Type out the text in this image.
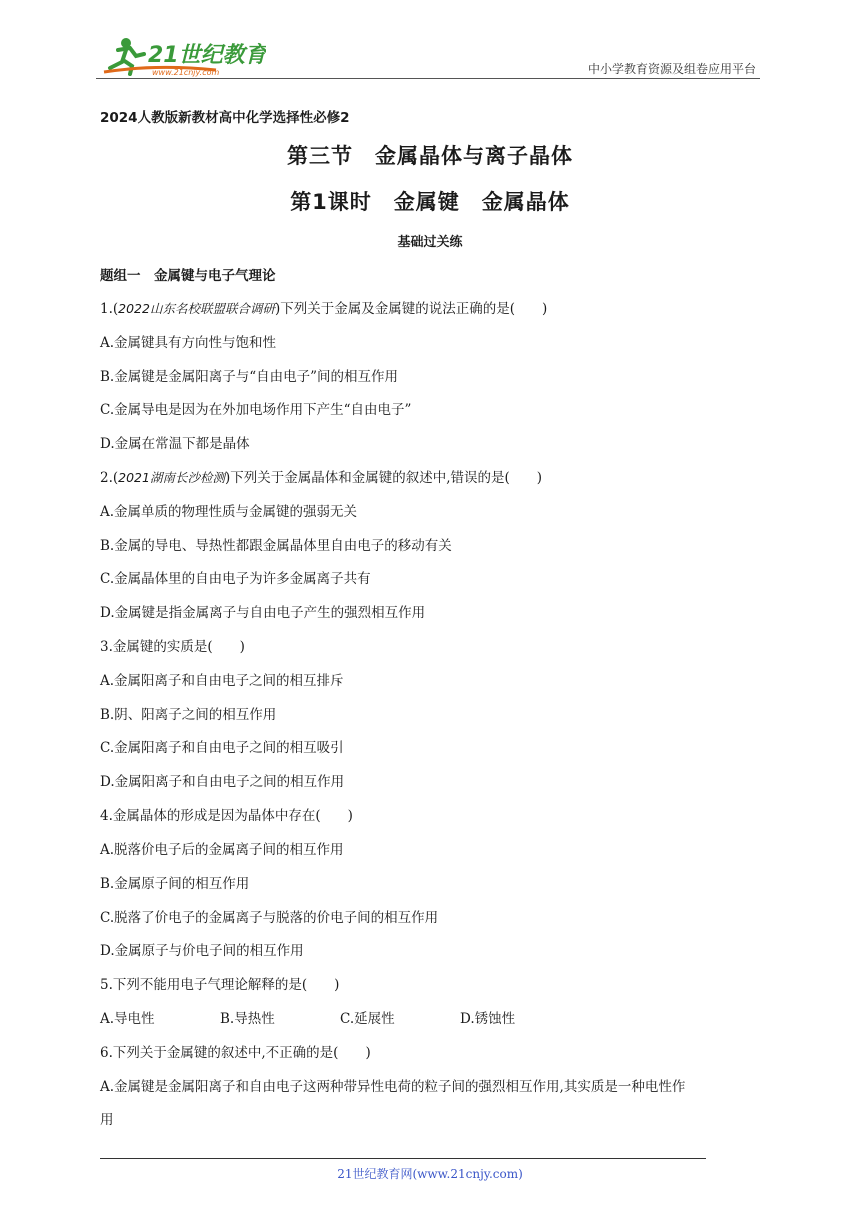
21世纪教育
www.21cnjy.com	中小学教育资源及组卷应用平台
2024人教版新教材高中化学选择性必修2
第三节　金属晶体与离子晶体
第1课时　金属键　金属晶体
基础过关练
题组一　金属键与电子气理论
1.(2022山东名校联盟联合调研)下列关于金属及金属键的说法正确的是(　　)
A.金属键具有方向性与饱和性
B.金属键是金属阳离子与“自由电子”间的相互作用
C.金属导电是因为在外加电场作用下产生“自由电子”
D.金属在常温下都是晶体
2.(2021湖南长沙检测)下列关于金属晶体和金属键的叙述中,错误的是(　　)
A.金属单质的物理性质与金属键的强弱无关
B.金属的导电、导热性都跟金属晶体里自由电子的移动有关
C.金属晶体里的自由电子为许多金属离子共有
D.金属键是指金属离子与自由电子产生的强烈相互作用
3.金属键的实质是(　　)
A.金属阳离子和自由电子之间的相互排斥
B.阴、阳离子之间的相互作用
C.金属阳离子和自由电子之间的相互吸引
D.金属阳离子和自由电子之间的相互作用
4.金属晶体的形成是因为晶体中存在(　　)
A.脱落价电子后的金属离子间的相互作用
B.金属原子间的相互作用
C.脱落了价电子的金属离子与脱落的价电子间的相互作用
D.金属原子与价电子间的相互作用
5.下列不能用电子气理论解释的是(　　)
A.导电性	B.导热性	C.延展性	D.锈蚀性
6.下列关于金属键的叙述中,不正确的是(　　)
A.金属键是金属阳离子和自由电子这两种带异性电荷的粒子间的强烈相互作用,其实质是一种电性作
用
21世纪教育网(www.21cnjy.com)
